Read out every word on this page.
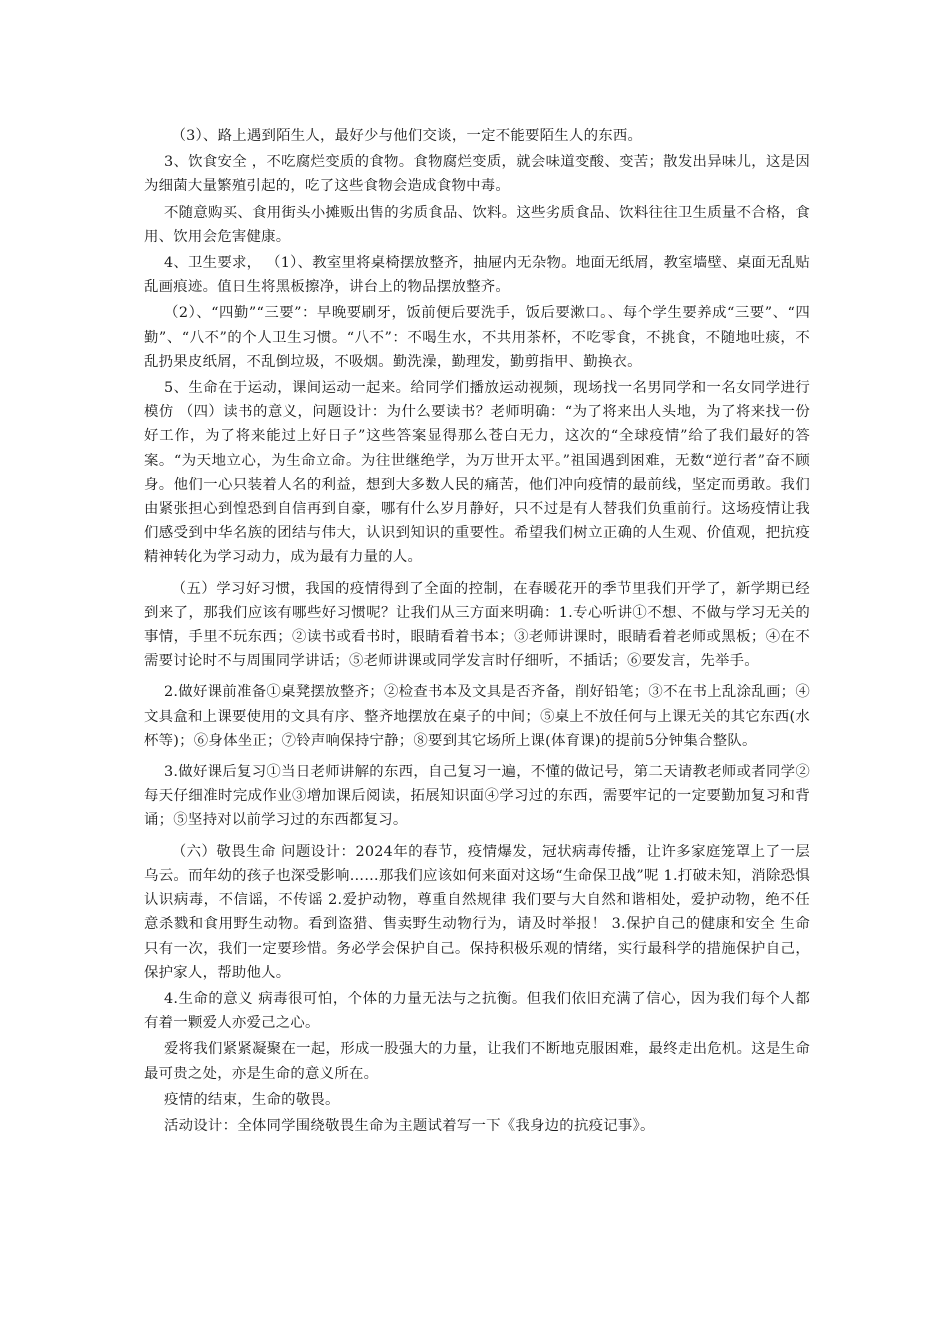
　（3）、路上遇到陌生人，最好少与他们交谈，一定不能要陌生人的东西。

3、饮食安全 ，不吃腐烂变质的食物。食物腐烂变质，就会味道变酸、变苦；散发出异味儿，这是因为细菌大量繁殖引起的，吃了这些食物会造成食物中毒。

不随意购买、食用街头小摊贩出售的劣质食品、饮料。这些劣质食品、饮料往往卫生质量不合格，食用、饮用会危害健康。

4、卫生要求， （1）、教室里将桌椅摆放整齐，抽屉内无杂物。地面无纸屑，教室墙壁、桌面无乱贴乱画痕迹。值日生将黑板擦净，讲台上的物品摆放整齐。

（2）、“四勤”“三要”：早晚要刷牙，饭前便后要洗手，饭后要漱口。、每个学生要养成“三要”、“四勤”、“八不”的个人卫生习惯。“八不”：不喝生水，不共用茶杯，不吃零食，不挑食，不随地吐痰，不乱扔果皮纸屑，不乱倒垃圾，不吸烟。勤洗澡，勤理发，勤剪指甲、勤换衣。

5、生命在于运动，课间运动一起来。给同学们播放运动视频，现场找一名男同学和一名女同学进行模仿 （四）读书的意义，问题设计：为什么要读书？老师明确：“为了将来出人头地，为了将来找一份好工作，为了将来能过上好日子”这些答案显得那么苍白无力，这次的“全球疫情”给了我们最好的答案。“为天地立心，为生命立命。为往世继绝学，为万世开太平。”祖国遇到困难，无数“逆行者”奋不顾身。他们一心只装着人名的利益，想到大多数人民的痛苦，他们冲向疫情的最前线，坚定而勇敢。我们由紧张担心到惶恐到自信再到自豪，哪有什么岁月静好，只不过是有人替我们负重前行。这场疫情让我们感受到中华名族的团结与伟大，认识到知识的重要性。希望我们树立正确的人生观、价值观，把抗疫精神转化为学习动力，成为最有力量的人。

　（五）学习好习惯，我国的疫情得到了全面的控制，在春暖花开的季节里我们开学了，新学期已经到来了，那我们应该有哪些好习惯呢？让我们从三方面来明确：1.专心听讲①不想、不做与学习无关的事情，手里不玩东西；②读书或看书时，眼睛看着书本；③老师讲课时，眼睛看着老师或黑板；④在不需要讨论时不与周围同学讲话；⑤老师讲课或同学发言时仔细听，不插话；⑥要发言，先举手。

2.做好课前准备①桌凳摆放整齐；②检查书本及文具是否齐备，削好铅笔；③不在书上乱涂乱画；④文具盒和上课要使用的文具有序、整齐地摆放在桌子的中间；⑤桌上不放任何与上课无关的其它东西(水杯等)；⑥身体坐正；⑦铃声响保持宁静；⑧要到其它场所上课(体育课)的提前5分钟集合整队。

3.做好课后复习①当日老师讲解的东西，自己复习一遍，不懂的做记号，第二天请教老师或者同学②每天仔细准时完成作业③增加课后阅读，拓展知识面④学习过的东西，需要牢记的一定要勤加复习和背诵；⑤坚持对以前学习过的东西都复习。

　（六）敬畏生命 问题设计：2024年的春节，疫情爆发，冠状病毒传播，让许多家庭笼罩上了一层乌云。而年幼的孩子也深受影响……那我们应该如何来面对这场“生命保卫战”呢 1.打破未知，消除恐惧 认识病毒，不信谣，不传谣 2.爱护动物，尊重自然规律 我们要与大自然和谐相处，爱护动物，绝不任意杀戮和食用野生动物。看到盗猎、售卖野生动物行为，请及时举报！ 3.保护自己的健康和安全 生命只有一次，我们一定要珍惜。务必学会保护自己。保持积极乐观的情绪，实行最科学的措施保护自己，保护家人，帮助他人。

4.生命的意义 病毒很可怕，个体的力量无法与之抗衡。但我们依旧充满了信心，因为我们每个人都有着一颗爱人亦爱己之心。

爱将我们紧紧凝聚在一起，形成一股强大的力量，让我们不断地克服困难，最终走出危机。这是生命最可贵之处，亦是生命的意义所在。

疫情的结束，生命的敬畏。

活动设计：全体同学围绕敬畏生命为主题试着写一下《我身边的抗疫记事》。
